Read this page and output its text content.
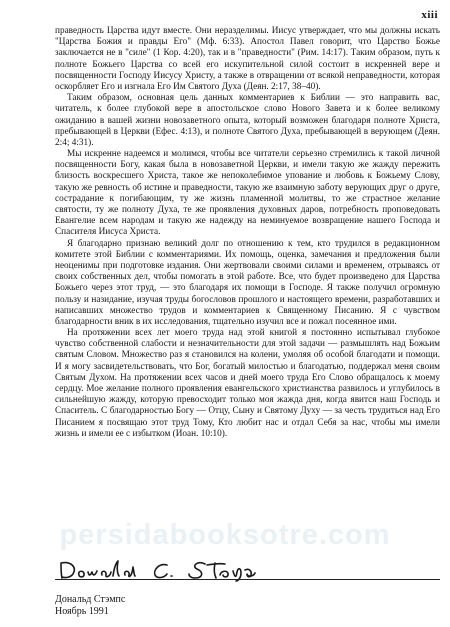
xiii

праведность Царства идут вместе. Они неразделимы. Иисус утверждает, что мы должны искать "Царства Божия и правды Его" (Мф. 6:33). Апостол Павел говорит, что Царство Божье заключается не в "силе" (1 Кор. 4:20), так и в "праведности" (Рим. 14:17). Таким образом, путь к полноте Божьего Царства со всей его искупительной силой состоит в искренней вере и посвященности Господу Иисусу Христу, а также в отвращении от всякой неправедности, которая оскорбляет Его и изгнала Его Им Святого Духа (Деян. 2:17, 38–40).

Таким образом, основная цель данных комментариев к Библии — это направить вас, читатель, к более глубокой вере в апостольское слово Нового Завета и к более великому ожиданию в вашей жизни новозаветного опыта, который возможен благодаря полноте Христа, пребывающей в Церкви (Ефес. 4:13), и полноте Святого Духа, пребывающей в верующем (Деян. 2:4; 4:31).

Мы искренне надеемся и молимся, чтобы все читатели серьезно стремились к такой личной посвященности Богу, какая была в новозаветной Церкви, и имели такую же жажду пережить близость воскресшего Христа, такое же непоколебимое упование и любовь к Божьему Слову, такую же ревность об истине и праведности, такую же взаимную заботу верующих друг о друге, сострадание к погибающим, ту же жизнь пламенной молитвы, то же страстное желание святости, ту же полноту Духа, те же проявления духовных даров, потребность проповедовать Евангелие всем народам и такую же надежду на неминуемое возвращение нашего Господа и Спасителя Иисуса Христа.

Я благодарно признаю великий долг по отношению к тем, кто трудился в редакционном комитете этой Библии с комментариями. Их помощь, оценка, замечания и предложения были неоценимы при подготовке издания. Они жертвовали своими силами и временем, отрываясь от своих собственных дел, чтобы помогать в этой работе. Все, что будет произведено для Царства Божьего через этот труд, — это благодаря их помощи в Господе. Я также получил огромную пользу и назидание, изучая труды богословов прошлого и настоящего времени, разработавших и написавших множество трудов и комментариев к Священному Писанию. Я с чувством благодарности вник в их исследования, тщательно изучил все и пожал посеянное ими.

На протяжении всех лет моего труда над этой книгой я постоянно испытывал глубокое чувство собственной слабости и незначительности для этой задачи — размышлять над Божьим святым Словом. Множество раз я становился на колени, умоляя об особой благодати и помощи. И я могу засвидетельствовать, что Бог, богатый милостью и благодатью, поддержал меня своим Святым Духом. На протяжении всех часов и дней моего труда Его Слово обращалось к моему сердцу. Мое желание полного проявления евангельского христианства развилось и углубилось в сильнейшую жажду, которую превосходит только моя жажда дня, когда явится наш Господь и Спаситель. С благодарностью Богу — Отцу, Сыну и Святому Духу — за честь трудиться над Его Писанием я посвящаю этот труд Тому, Кто любит нас и отдал Себя за нас, чтобы мы имели жизнь и имели ее с избытком (Иоан. 10:10).

persidabooksotre.com
Дональд Стэмпс
Ноябрь 1991
